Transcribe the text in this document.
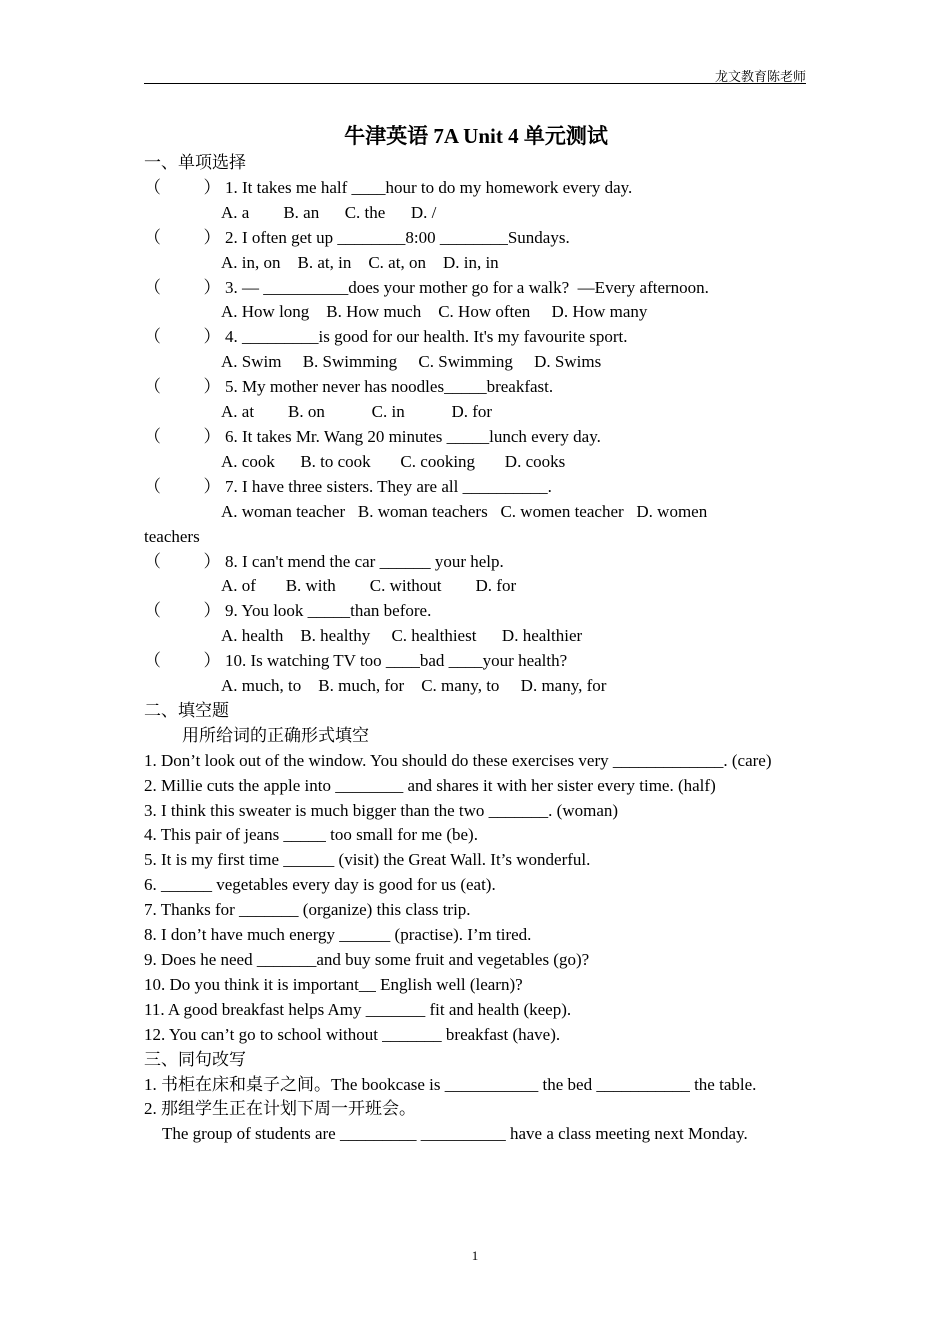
龙文教育陈老师
牛津英语 7A Unit 4 单元测试
一、单项选择
（          ） 1. It takes me half ____hour to do my homework every day.
A. a        B. an      C. the      D. /
（          ） 2. I often get up ________8:00 ________Sundays.
A. in, on    B. at, in    C. at, on    D. in, in
（          ） 3. — __________does your mother go for a walk?  —Every afternoon.
A. How long    B. How much    C. How often     D. How many
（          ） 4. _________is good for our health. It's my favourite sport.
A. Swim     B. Swimming     C. Swimming     D. Swims
（          ） 5. My mother never has noodles_____breakfast.
A. at        B. on           C. in           D. for
（          ） 6. It takes Mr. Wang 20 minutes _____lunch every day.
A. cook      B. to cook       C. cooking       D. cooks
（          ） 7. I have three sisters. They are all __________.
A. woman teacher   B. woman teachers   C. women teacher   D. women
teachers
（          ） 8. I can't mend the car ______ your help.
A. of       B. with        C. without        D. for
（          ） 9. You look _____than before.
A. health    B. healthy     C. healthiest      D. healthier
（          ） 10. Is watching TV too ____bad ____your health?
A. much, to    B. much, for    C. many, to     D. many, for
二、填空题
用所给词的正确形式填空
1. Don’t look out of the window. You should do these exercises very _____________. (care)
2. Millie cuts the apple into ________ and shares it with her sister every time. (half)
3. I think this sweater is much bigger than the two _______. (woman)
4. This pair of jeans _____ too small for me (be).
5. It is my first time ______ (visit) the Great Wall. It’s wonderful.
6. ______ vegetables every day is good for us (eat).
7. Thanks for _______ (organize) this class trip.
8. I don’t have much energy ______ (practise). I’m tired.
9. Does he need _______and buy some fruit and vegetables (go)?
10. Do you think it is important__ English well (learn)?
11. A good breakfast helps Amy _______ fit and health (keep).
12. You can’t go to school without _______ breakfast (have).
三、同句改写
1. 书柜在床和桌子之间。The bookcase is ___________ the bed ___________ the table.
2. 那组学生正在计划下周一开班会。
The group of students are _________ __________ have a class meeting next Monday.
1
